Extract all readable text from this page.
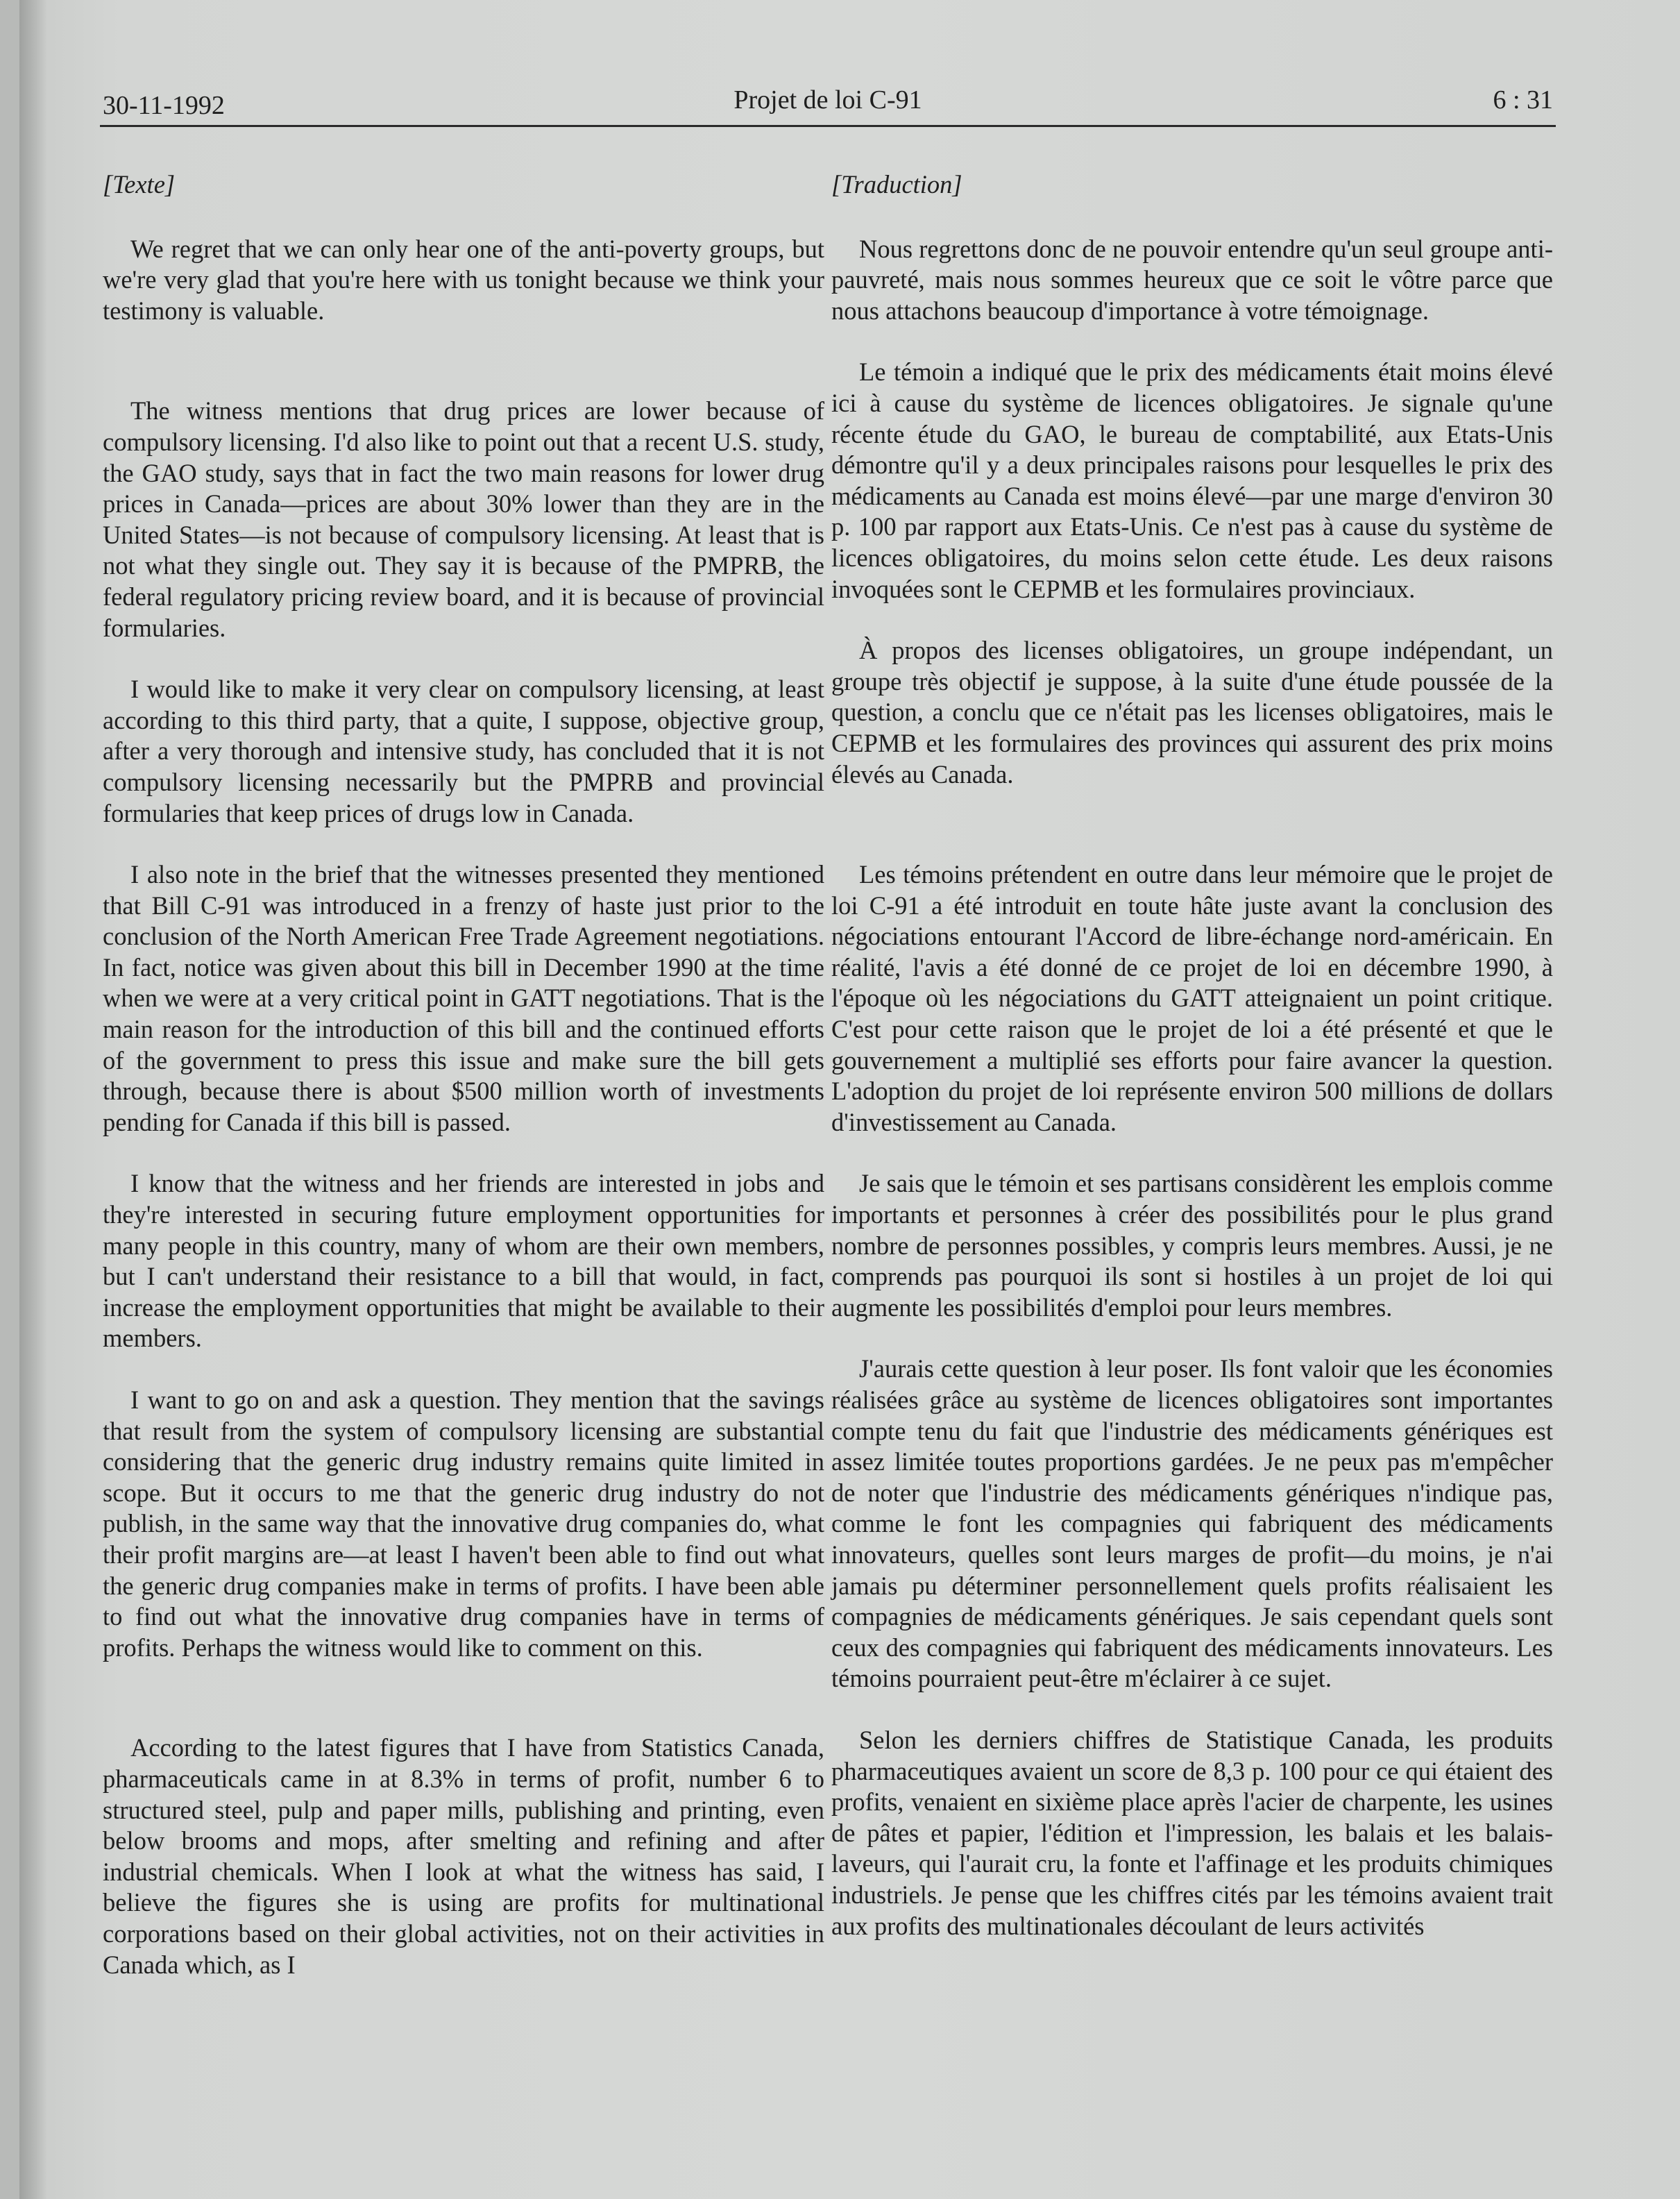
30-11-1992	Projet de loi C-91	6 : 31

[Texte]

We regret that we can only hear one of the anti-poverty groups, but we're very glad that you're here with us tonight because we think your testimony is valuable.

The witness mentions that drug prices are lower because of compulsory licensing. I'd also like to point out that a recent U.S. study, the GAO study, says that in fact the two main reasons for lower drug prices in Canada—prices are about 30% lower than they are in the United States—is not because of compulsory licensing. At least that is not what they single out. They say it is because of the PMPRB, the federal regulatory pricing review board, and it is because of provincial formularies.

I would like to make it very clear on compulsory licensing, at least according to this third party, that a quite, I suppose, objective group, after a very thorough and intensive study, has concluded that it is not compulsory licensing necessarily but the PMPRB and provincial formularies that keep prices of drugs low in Canada.

I also note in the brief that the witnesses presented they mentioned that Bill C-91 was introduced in a frenzy of haste just prior to the conclusion of the North American Free Trade Agreement negotiations. In fact, notice was given about this bill in December 1990 at the time when we were at a very critical point in GATT negotiations. That is the main reason for the introduction of this bill and the continued efforts of the government to press this issue and make sure the bill gets through, because there is about $500 million worth of investments pending for Canada if this bill is passed.

I know that the witness and her friends are interested in jobs and they're interested in securing future employment opportunities for many people in this country, many of whom are their own members, but I can't understand their resistance to a bill that would, in fact, increase the employment opportunities that might be available to their members.

I want to go on and ask a question. They mention that the savings that result from the system of compulsory licensing are substantial considering that the generic drug industry remains quite limited in scope. But it occurs to me that the generic drug industry do not publish, in the same way that the innovative drug companies do, what their profit margins are—at least I haven't been able to find out what the generic drug companies make in terms of profits. I have been able to find out what the innovative drug companies have in terms of profits. Perhaps the witness would like to comment on this.

According to the latest figures that I have from Statistics Canada, pharmaceuticals came in at 8.3% in terms of profit, number 6 to structured steel, pulp and paper mills, publishing and printing, even below brooms and mops, after smelting and refining and after industrial chemicals. When I look at what the witness has said, I believe the figures she is using are profits for multinational corporations based on their global activities, not on their activities in Canada which, as I

[Traduction]

Nous regrettons donc de ne pouvoir entendre qu'un seul groupe anti-pauvreté, mais nous sommes heureux que ce soit le vôtre parce que nous attachons beaucoup d'importance à votre témoignage.

Le témoin a indiqué que le prix des médicaments était moins élevé ici à cause du système de licences obligatoires. Je signale qu'une récente étude du GAO, le bureau de comptabilité, aux Etats-Unis démontre qu'il y a deux principales raisons pour lesquelles le prix des médicaments au Canada est moins élevé—par une marge d'environ 30 p. 100 par rapport aux Etats-Unis. Ce n'est pas à cause du système de licences obligatoires, du moins selon cette étude. Les deux raisons invoquées sont le CEPMB et les formulaires provinciaux.

À propos des licenses obligatoires, un groupe indépendant, un groupe très objectif je suppose, à la suite d'une étude poussée de la question, a conclu que ce n'était pas les licenses obligatoires, mais le CEPMB et les formulaires des provinces qui assurent des prix moins élevés au Canada.

Les témoins prétendent en outre dans leur mémoire que le projet de loi C-91 a été introduit en toute hâte juste avant la conclusion des négociations entourant l'Accord de libre-échange nord-américain. En réalité, l'avis a été donné de ce projet de loi en décembre 1990, à l'époque où les négociations du GATT atteignaient un point critique. C'est pour cette raison que le projet de loi a été présenté et que le gouvernement a multiplié ses efforts pour faire avancer la question. L'adoption du projet de loi représente environ 500 millions de dollars d'investissement au Canada.

Je sais que le témoin et ses partisans considèrent les emplois comme importants et personnes à créer des possibilités pour le plus grand nombre de personnes possibles, y compris leurs membres. Aussi, je ne comprends pas pourquoi ils sont si hostiles à un projet de loi qui augmente les possibilités d'emploi pour leurs membres.

J'aurais cette question à leur poser. Ils font valoir que les économies réalisées grâce au système de licences obligatoires sont importantes compte tenu du fait que l'industrie des médicaments génériques est assez limitée toutes proportions gardées. Je ne peux pas m'empêcher de noter que l'industrie des médicaments génériques n'indique pas, comme le font les compagnies qui fabriquent des médicaments innovateurs, quelles sont leurs marges de profit—du moins, je n'ai jamais pu déterminer personnellement quels profits réalisaient les compagnies de médicaments génériques. Je sais cependant quels sont ceux des compagnies qui fabriquent des médicaments innovateurs. Les témoins pourraient peut-être m'éclairer à ce sujet.

Selon les derniers chiffres de Statistique Canada, les produits pharmaceutiques avaient un score de 8,3 p. 100 pour ce qui étaient des profits, venaient en sixième place après l'acier de charpente, les usines de pâtes et papier, l'édition et l'impression, les balais et les balais-laveurs, qui l'aurait cru, la fonte et l'affinage et les produits chimiques industriels. Je pense que les chiffres cités par les témoins avaient trait aux profits des multinationales découlant de leurs activités
